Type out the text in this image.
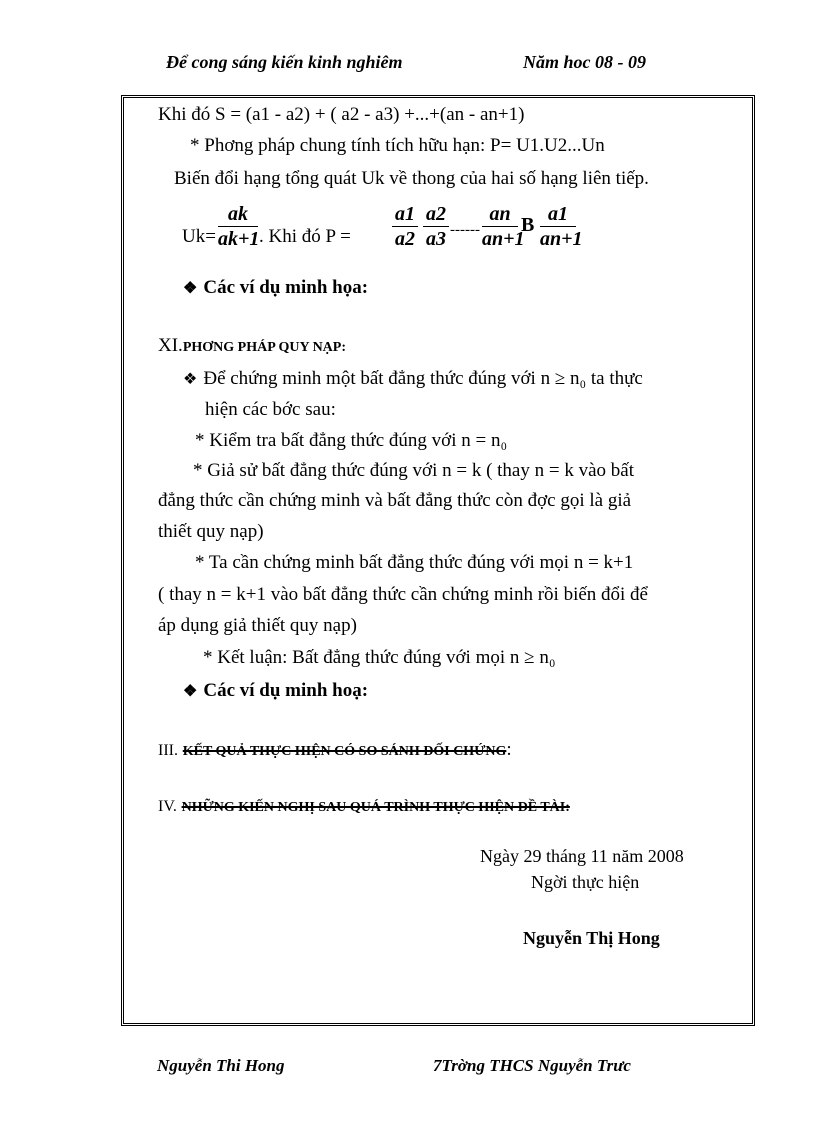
Để cong sáng kiến kinh nghiêm	Năm hoc 08 - 09
Khi đó S = (a1 - a2) + ( a2 - a3) +...+(an - an+1)
* Phơng pháp chung tính tích hữu hạn: P= U1.U2...Un
Biến đổi hạng tổng quát Uk về thong của hai số hạng liên tiếp.
Uk=
ak
ak+1 . Khi đó P =
a1
a2
a2
a3 ------
an
an+1
B a1
an+1
❖ Các ví dụ minh họa:
XI.PHƠNG PHÁP QUY NẠP:
❖ Để chứng minh một bất đẳng thức đúng với n ≥ n₀ ta thực
hiện các bớc sau:
* Kiểm tra bất đẳng thức đúng với n = n₀
* Giả sử bất đẳng thức đúng với n = k ( thay n = k vào bất
đẳng thức cần chứng minh và bất đẳng thức còn đợc gọi là giả
thiết quy nạp)
* Ta cần chứng minh bất đẳng thức đúng với mọi n = k+1
( thay n = k+1 vào bất đẳng thức cần chứng minh rồi biến đổi để
áp dụng giả thiết quy nạp)
* Kết luận: Bất đẳng thức đúng với mọi n ≥ n₀
❖ Các ví dụ minh hoạ:
III. KẾT QUẢ THỰC HIỆN CÓ SO SÁNH ĐỐI CHỨNG:
IV. NHỮNG KIẾN NGHỊ SAU QUÁ TRÌNH THỰC HIỆN ĐỀ TÀI:
Ngày 29 tháng 11 năm 2008
Ngời thực hiện
Nguyễn Thị Hong
Nguyễn Thi Hong	7Trờng THCS Nguyễn Trưc
